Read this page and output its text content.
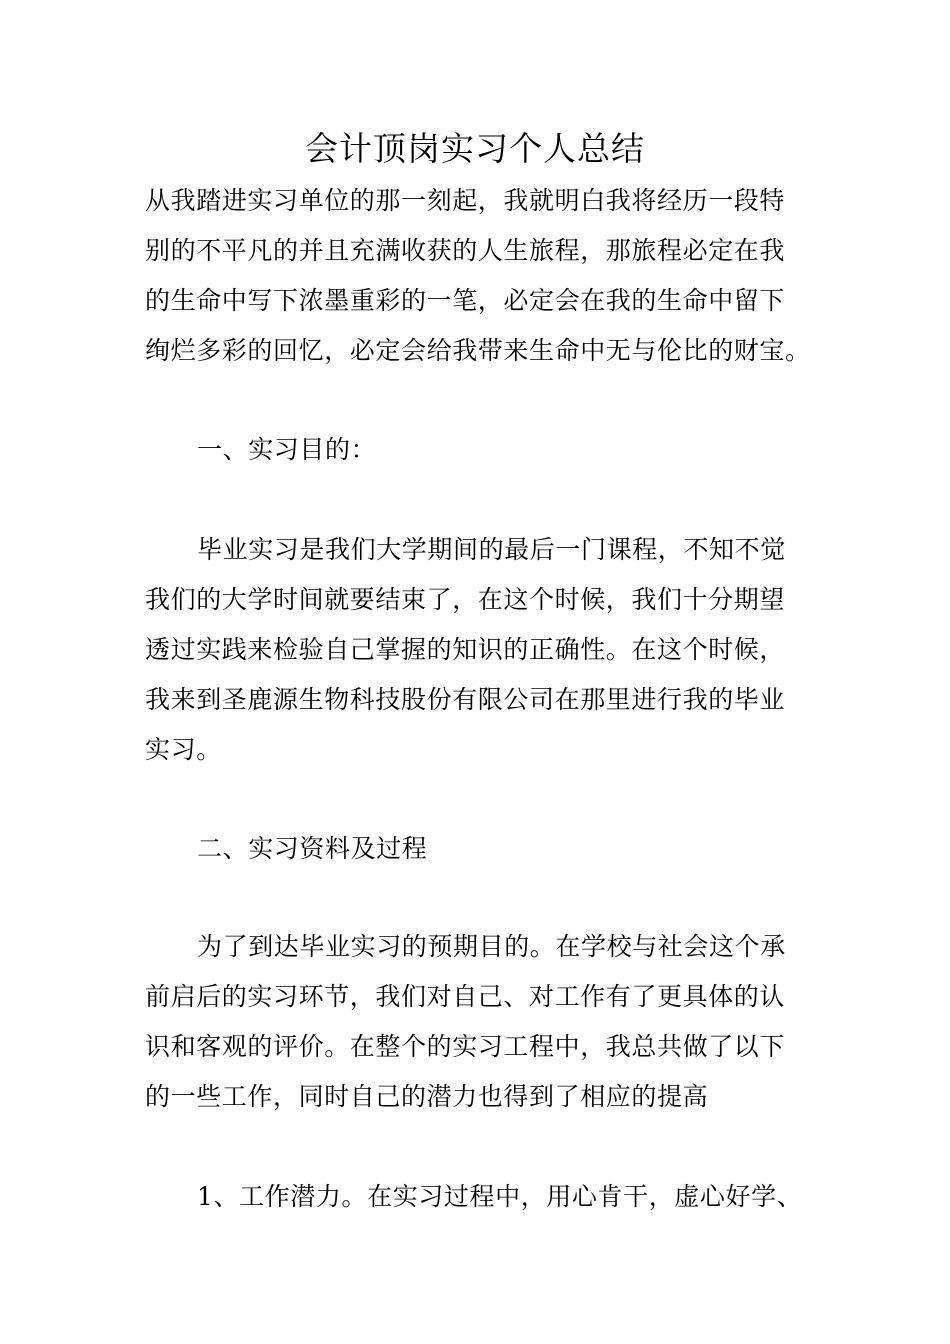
会计顶岗实习个人总结
从我踏进实习单位的那一刻起，我就明白我将经历一段特
别的不平凡的并且充满收获的人生旅程，那旅程必定在我
的生命中写下浓墨重彩的一笔，必定会在我的生命中留下
绚烂多彩的回忆，必定会给我带来生命中无与伦比的财宝。
一、实习目的：
毕业实习是我们大学期间的最后一门课程，不知不觉
我们的大学时间就要结束了，在这个时候，我们十分期望
透过实践来检验自己掌握的知识的正确性。在这个时候，
我来到圣鹿源生物科技股份有限公司在那里进行我的毕业
实习。
二、实习资料及过程
为了到达毕业实习的预期目的。在学校与社会这个承
前启后的实习环节，我们对自己、对工作有了更具体的认
识和客观的评价。在整个的实习工程中，我总共做了以下
的一些工作，同时自己的潜力也得到了相应的提高
1、工作潜力。在实习过程中，用心肯干，虚心好学、
